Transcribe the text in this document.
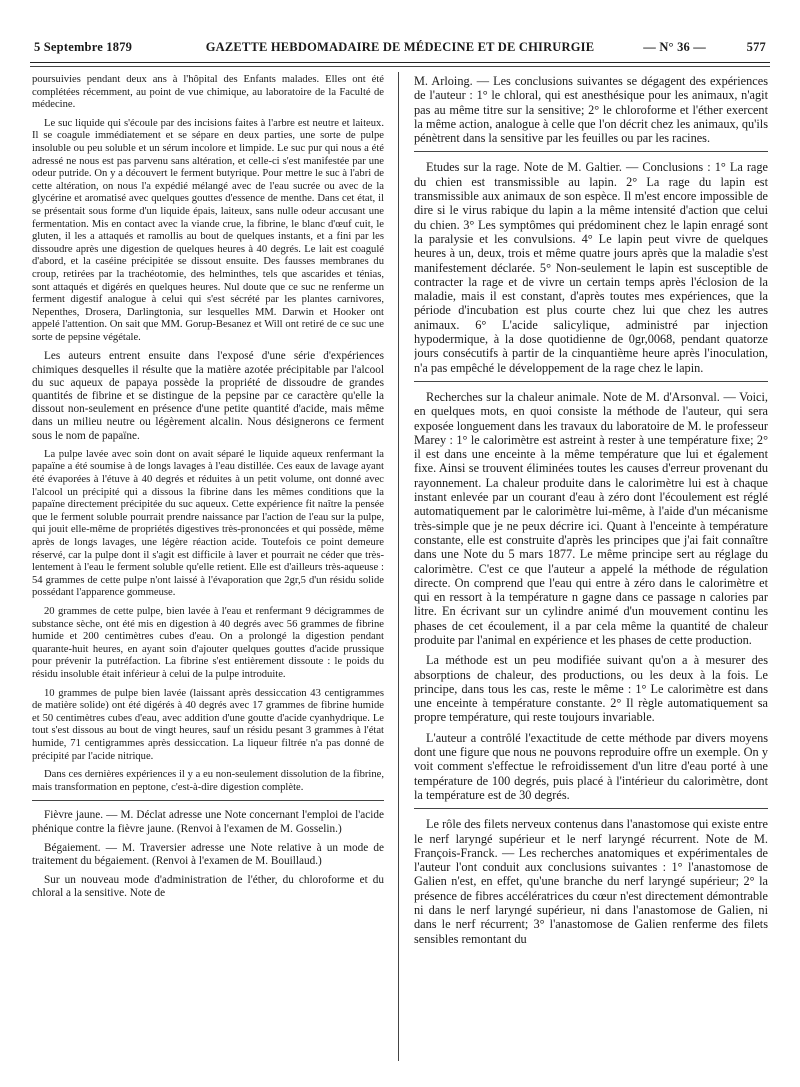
5 Septembre 1879	GAZETTE HEBDOMADAIRE DE MÉDECINE ET DE CHIRURGIE	— N° 36 —	577

poursuivies pendant deux ans à l'hôpital des Enfants malades. Elles ont été complétées récemment, au point de vue chimique, au laboratoire de la Faculté de médecine.

Le suc liquide qui s'écoule par des incisions faites à l'arbre est neutre et laiteux. Il se coagule immédiatement et se sépare en deux parties, une sorte de pulpe insoluble ou peu soluble et un sérum incolore et limpide. Le suc pur qui nous a été adressé ne nous est pas parvenu sans altération, et celle-ci s'est manifestée par une odeur putride. On y a découvert le ferment butyrique. Pour mettre le suc à l'abri de cette altération, on nous l'a expédié mélangé avec de l'eau sucrée ou avec de la glycérine et aromatisé avec quelques gouttes d'essence de menthe. Dans cet état, il se présentait sous forme d'un liquide épais, laiteux, sans nulle odeur accusant une fermentation. Mis en contact avec la viande crue, la fibrine, le blanc d'œuf cuit, le gluten, il les a attaqués et ramollis au bout de quelques instants, et a fini par les dissoudre après une digestion de quelques heures à 40 degrés. Le lait est coagulé d'abord, et la caséine précipitée se dissout ensuite. Des fausses membranes du croup, retirées par la trachéotomie, des helminthes, tels que ascarides et ténias, sont attaqués et digérés en quelques heures. Nul doute que ce suc ne renferme un ferment digestif analogue à celui qui s'est sécrété par les plantes carnivores, Nepenthes, Drosera, Darlingtonia, sur lesquelles MM. Darwin et Hooker ont appelé l'attention. On sait que MM. Gorup-Besanez et Will ont retiré de ce suc une sorte de pepsine végétale.

Les auteurs entrent ensuite dans l'exposé d'une série d'expériences chimiques desquelles il résulte que la matière azotée précipitable par l'alcool du suc aqueux de papaya possède la propriété de dissoudre de grandes quantités de fibrine et se distingue de la pepsine par ce caractère qu'elle la dissout non-seulement en présence d'une petite quantité d'acide, mais même dans un milieu neutre ou légèrement alcalin. Nous désignerons ce ferment sous le nom de papaïne.

La pulpe lavée avec soin dont on avait séparé le liquide aqueux renfermant la papaïne a été soumise à de longs lavages à l'eau distillée. Ces eaux de lavage ayant été évaporées à l'étuve à 40 degrés et réduites à un petit volume, ont donné avec l'alcool un précipité qui a dissous la fibrine dans les mêmes conditions que la papaïne directement précipitée du suc aqueux. Cette expérience fit naître la pensée que le ferment soluble pourrait prendre naissance par l'action de l'eau sur la pulpe, qui jouit elle-même de propriétés digestives très-prononcées et qui possède, même après de longs lavages, une légère réaction acide. Toutefois ce point demeure réservé, car la pulpe dont il s'agit est difficile à laver et pourrait ne céder que très-lentement à l'eau le ferment soluble qu'elle retient. Elle est d'ailleurs très-aqueuse : 54 grammes de cette pulpe n'ont laissé à l'évaporation que 2gr,5 d'un résidu solide possédant l'apparence gommeuse.

20 grammes de cette pulpe, bien lavée à l'eau et renfermant 9 décigrammes de substance sèche, ont été mis en digestion à 40 degrés avec 56 grammes de fibrine humide et 200 centimètres cubes d'eau. On a prolongé la digestion pendant quarante-huit heures, en ayant soin d'ajouter quelques gouttes d'acide prussique pour prévenir la putréfaction. La fibrine s'est entièrement dissoute : le poids du résidu insoluble était inférieur à celui de la pulpe introduite.

10 grammes de pulpe bien lavée (laissant après dessiccation 43 centigrammes de matière solide) ont été digérés à 40 degrés avec 17 grammes de fibrine humide et 50 centimètres cubes d'eau, avec addition d'une goutte d'acide cyanhydrique. Le tout s'est dissous au bout de vingt heures, sauf un résidu pesant 3 grammes à l'état humide, 71 centigrammes après dessiccation. La liqueur filtrée n'a pas donné de précipité par l'acide nitrique.

Dans ces dernières expériences il y a eu non-seulement dissolution de la fibrine, mais transformation en peptone, c'est-à-dire digestion complète.

Fièvre jaune. — M. Déclat adresse une Note concernant l'emploi de l'acide phénique contre la fièvre jaune. (Renvoi à l'examen de M. Gosselin.)

Bégaiement. — M. Traversier adresse une Note relative à un mode de traitement du bégaiement. (Renvoi à l'examen de M. Bouillaud.)

Sur un nouveau mode d'administration de l'éther, du chloroforme et du chloral a la sensitive. Note de

M. Arloing. — Les conclusions suivantes se dégagent des expériences de l'auteur : 1° le chloral, qui est anesthésique pour les animaux, n'agit pas au même titre sur la sensitive; 2° le chloroforme et l'éther exercent la même action, analogue à celle que l'on décrit chez les animaux, qu'ils pénètrent dans la sensitive par les feuilles ou par les racines.

Etudes sur la rage. Note de M. Galtier. — Conclusions : 1° La rage du chien est transmissible au lapin. 2° La rage du lapin est transmissible aux animaux de son espèce. Il m'est encore impossible de dire si le virus rabique du lapin a la même intensité d'action que celui du chien. 3° Les symptômes qui prédominent chez le lapin enragé sont la paralysie et les convulsions. 4° Le lapin peut vivre de quelques heures à un, deux, trois et même quatre jours après que la maladie s'est manifestement déclarée. 5° Non-seulement le lapin est susceptible de contracter la rage et de vivre un certain temps après l'éclosion de la maladie, mais il est constant, d'après toutes mes expériences, que la période d'incubation est plus courte chez lui que chez les autres animaux. 6° L'acide salicylique, administré par injection hypodermique, à la dose quotidienne de 0gr,0068, pendant quatorze jours consécutifs à partir de la cinquantième heure après l'inoculation, n'a pas empêché le développement de la rage chez le lapin.

Recherches sur la chaleur animale. Note de M. d'Arsonval. — Voici, en quelques mots, en quoi consiste la méthode de l'auteur, qui sera exposée longuement dans les travaux du laboratoire de M. le professeur Marey : 1° le calorimètre est astreint à rester à une température fixe; 2° il est dans une enceinte à la même température que lui et également fixe. Ainsi se trouvent éliminées toutes les causes d'erreur provenant du rayonnement. La chaleur produite dans le calorimètre lui est à chaque instant enlevée par un courant d'eau à zéro dont l'écoulement est réglé automatiquement par le calorimètre lui-même, à l'aide d'un mécanisme très-simple que je ne peux décrire ici. Quant à l'enceinte à température constante, elle est construite d'après les principes que j'ai fait connaître dans une Note du 5 mars 1877. Le même principe sert au réglage du calorimètre. C'est ce que l'auteur a appelé la méthode de régulation directe. On comprend que l'eau qui entre à zéro dans le calorimètre et qui en ressort à la température n gagne dans ce passage n calories par litre. En écrivant sur un cylindre animé d'un mouvement continu les phases de cet écoulement, il a par cela même la quantité de chaleur produite par l'animal en expérience et les phases de cette production.

La méthode est un peu modifiée suivant qu'on a à mesurer des absorptions de chaleur, des productions, ou les deux à la fois. Le principe, dans tous les cas, reste le même : 1° Le calorimètre est dans une enceinte à température constante. 2° Il règle automatiquement sa propre température, qui reste toujours invariable.

L'auteur a contrôlé l'exactitude de cette méthode par divers moyens dont une figure que nous ne pouvons reproduire offre un exemple. On y voit comment s'effectue le refroidissement d'un litre d'eau porté à une température de 100 degrés, puis placé à l'intérieur du calorimètre, dont la température est de 30 degrés.

Le rôle des filets nerveux contenus dans l'anastomose qui existe entre le nerf laryngé supérieur et le nerf laryngé récurrent. Note de M. François-Franck. — Les recherches anatomiques et expérimentales de l'auteur l'ont conduit aux conclusions suivantes : 1° l'anastomose de Galien n'est, en effet, qu'une branche du nerf laryngé supérieur; 2° la présence de fibres accélératrices du cœur n'est directement démontrable ni dans le nerf laryngé supérieur, ni dans l'anastomose de Galien, ni dans le nerf récurrent; 3° l'anastomose de Galien renferme des filets sensibles remontant du
